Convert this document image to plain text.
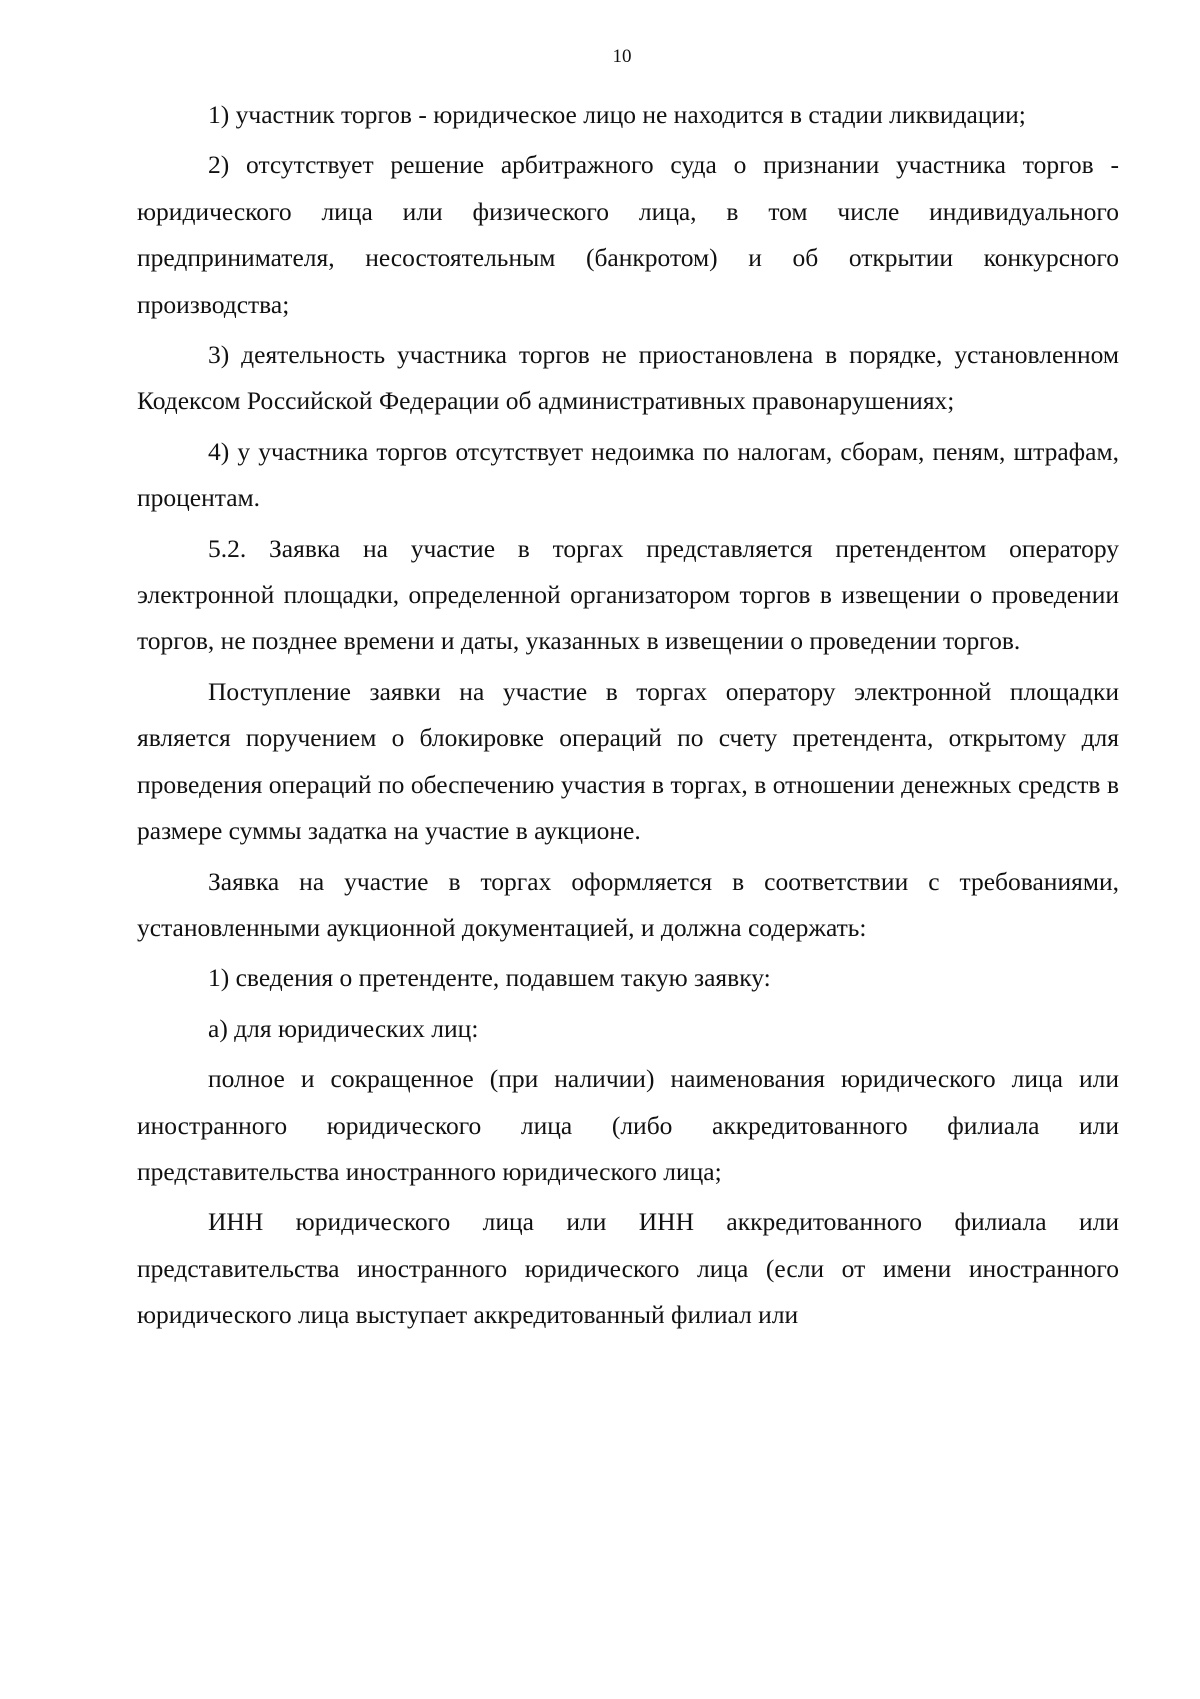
10

1) участник торгов - юридическое лицо не находится в стадии ликвидации;

2) отсутствует решение арбитражного суда о признании участника торгов - юридического лица или физического лица, в том числе индивидуального предпринимателя, несостоятельным (банкротом) и об открытии конкурсного производства;

3) деятельность участника торгов не приостановлена в порядке, установленном Кодексом Российской Федерации об административных правонарушениях;

4) у участника торгов отсутствует недоимка по налогам, сборам, пеням, штрафам, процентам.

5.2. Заявка на участие в торгах представляется претендентом оператору электронной площадки, определенной организатором торгов в извещении о проведении торгов, не позднее времени и даты, указанных в извещении о проведении торгов.

Поступление заявки на участие в торгах оператору электронной площадки является поручением о блокировке операций по счету претендента, открытому для проведения операций по обеспечению участия в торгах, в отношении денежных средств в размере суммы задатка на участие в аукционе.

Заявка на участие в торгах оформляется в соответствии с требованиями, установленными аукционной документацией, и должна содержать:

1) сведения о претенденте, подавшем такую заявку:

а) для юридических лиц:

полное и сокращенное (при наличии) наименования юридического лица или иностранного юридического лица (либо аккредитованного филиала или представительства иностранного юридического лица;

ИНН юридического лица или ИНН аккредитованного филиала или представительства иностранного юридического лица (если от имени иностранного юридического лица выступает аккредитованный филиал или
